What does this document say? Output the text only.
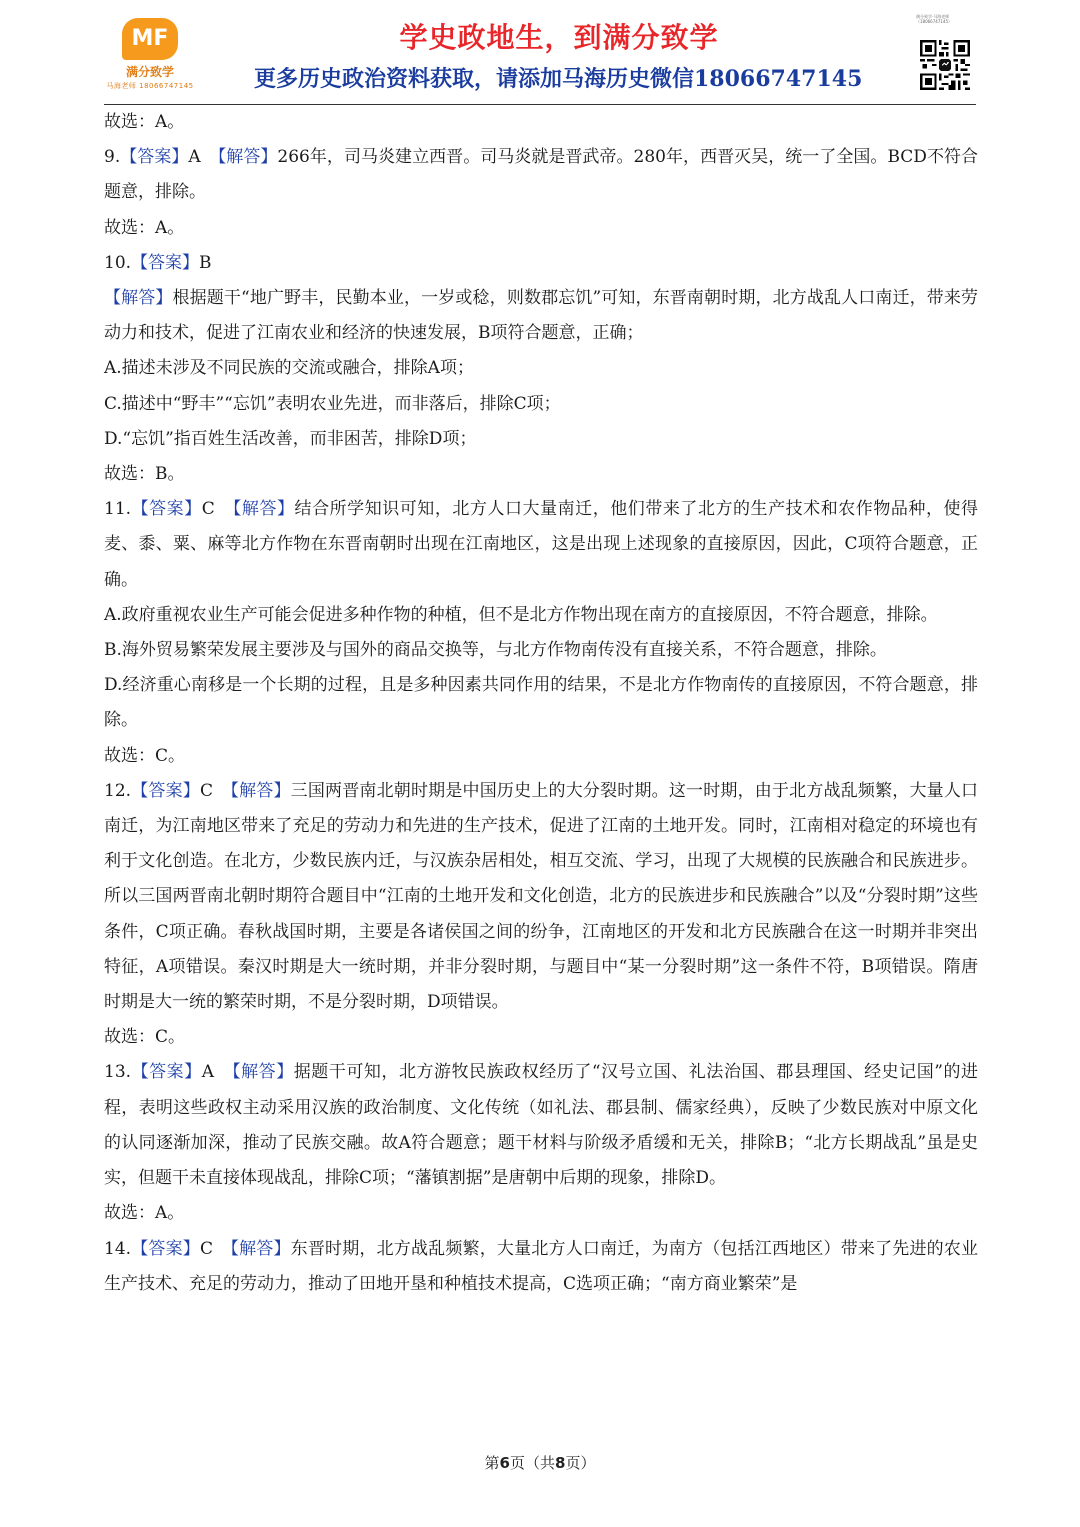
MF
满分致学
马海老师 18066747145
学史政地生，到满分致学
更多历史政治资料获取，请添加马海历史微信18066747145
满分致学·马海老师（18066747145）

故选：A。

9.【答案】A　 【解答】266年，司马炎建立西晋。司马炎就是晋武帝。280年，西晋灭吴，统一了全国。BCD不符合题意，排除。

故选：A。

10.【答案】B

【解答】根据题干“地广野丰，民勤本业，一岁或稔，则数郡忘饥”可知，东晋南朝时期，北方战乱人口南迁，带来劳动力和技术，促进了江南农业和经济的快速发展，B项符合题意，正确；

A.描述未涉及不同民族的交流或融合，排除A项；

C.描述中“野丰”“忘饥”表明农业先进，而非落后，排除C项；

D.“忘饥”指百姓生活改善，而非困苦，排除D项；

故选：B。

11.【答案】C　 【解答】结合所学知识可知，北方人口大量南迁，他们带来了北方的生产技术和农作物品种，使得麦、黍、粟、麻等北方作物在东晋南朝时出现在江南地区，这是出现上述现象的直接原因，因此，C项符合题意，正确。

A.政府重视农业生产可能会促进多种作物的种植，但不是北方作物出现在南方的直接原因，不符合题意，排除。

B.海外贸易繁荣发展主要涉及与国外的商品交换等，与北方作物南传没有直接关系，不符合题意，排除。

D.经济重心南移是一个长期的过程，且是多种因素共同作用的结果，不是北方作物南传的直接原因，不符合题意，排除。

故选：C。

12.【答案】C　 【解答】三国两晋南北朝时期是中国历史上的大分裂时期。这一时期，由于北方战乱频繁，大量人口南迁，为江南地区带来了充足的劳动力和先进的生产技术，促进了江南的土地开发。同时，江南相对稳定的环境也有利于文化创造。在北方，少数民族内迁，与汉族杂居相处，相互交流、学习，出现了大规模的民族融合和民族进步。所以三国两晋南北朝时期符合题目中“江南的土地开发和文化创造，北方的民族进步和民族融合”以及“分裂时期”这些条件，C项正确。春秋战国时期，主要是各诸侯国之间的纷争，江南地区的开发和北方民族融合在这一时期并非突出特征，A项错误。秦汉时期是大一统时期，并非分裂时期，与题目中“某一分裂时期”这一条件不符，B项错误。隋唐时期是大一统的繁荣时期，不是分裂时期，D项错误。

故选：C。

13.【答案】A　 【解答】据题干可知，北方游牧民族政权经历了“汉号立国、礼法治国、郡县理国、经史记国”的进程，表明这些政权主动采用汉族的政治制度、文化传统（如礼法、郡县制、儒家经典），反映了少数民族对中原文化的认同逐渐加深，推动了民族交融。故A符合题意；题干材料与阶级矛盾缓和无关，排除B；“北方长期战乱”虽是史实，但题干未直接体现战乱，排除C项；“藩镇割据”是唐朝中后期的现象，排除D。

故选：A。

14.【答案】C　 【解答】东晋时期，北方战乱频繁，大量北方人口南迁，为南方（包括江西地区）带来了先进的农业生产技术、充足的劳动力，推动了田地开垦和种植技术提高，C选项正确；“南方商业繁荣”是

第6页（共8页）
